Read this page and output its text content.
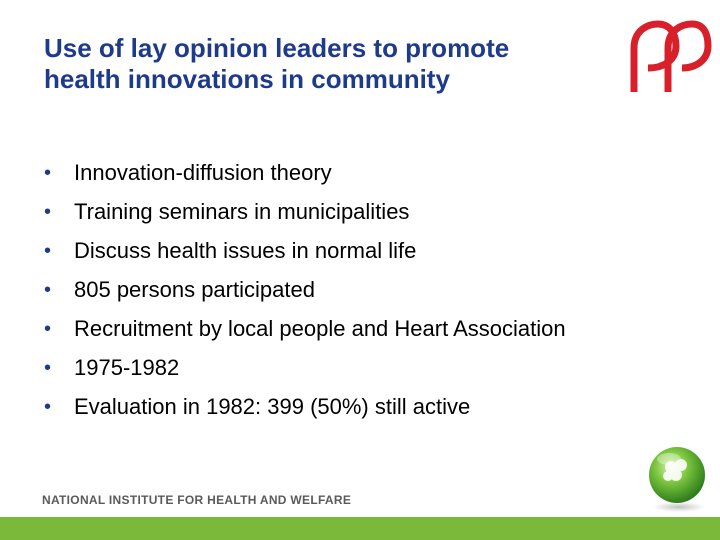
Use of lay opinion leaders to promote
health innovations in community
•	Innovation-diffusion theory
•	Training seminars in municipalities
•	Discuss health issues in normal life
•	805 persons participated
•	Recruitment by local people and Heart Association
•	1975-1982
•	Evaluation in 1982: 399 (50%) still active
NATIONAL INSTITUTE FOR HEALTH AND WELFARE
